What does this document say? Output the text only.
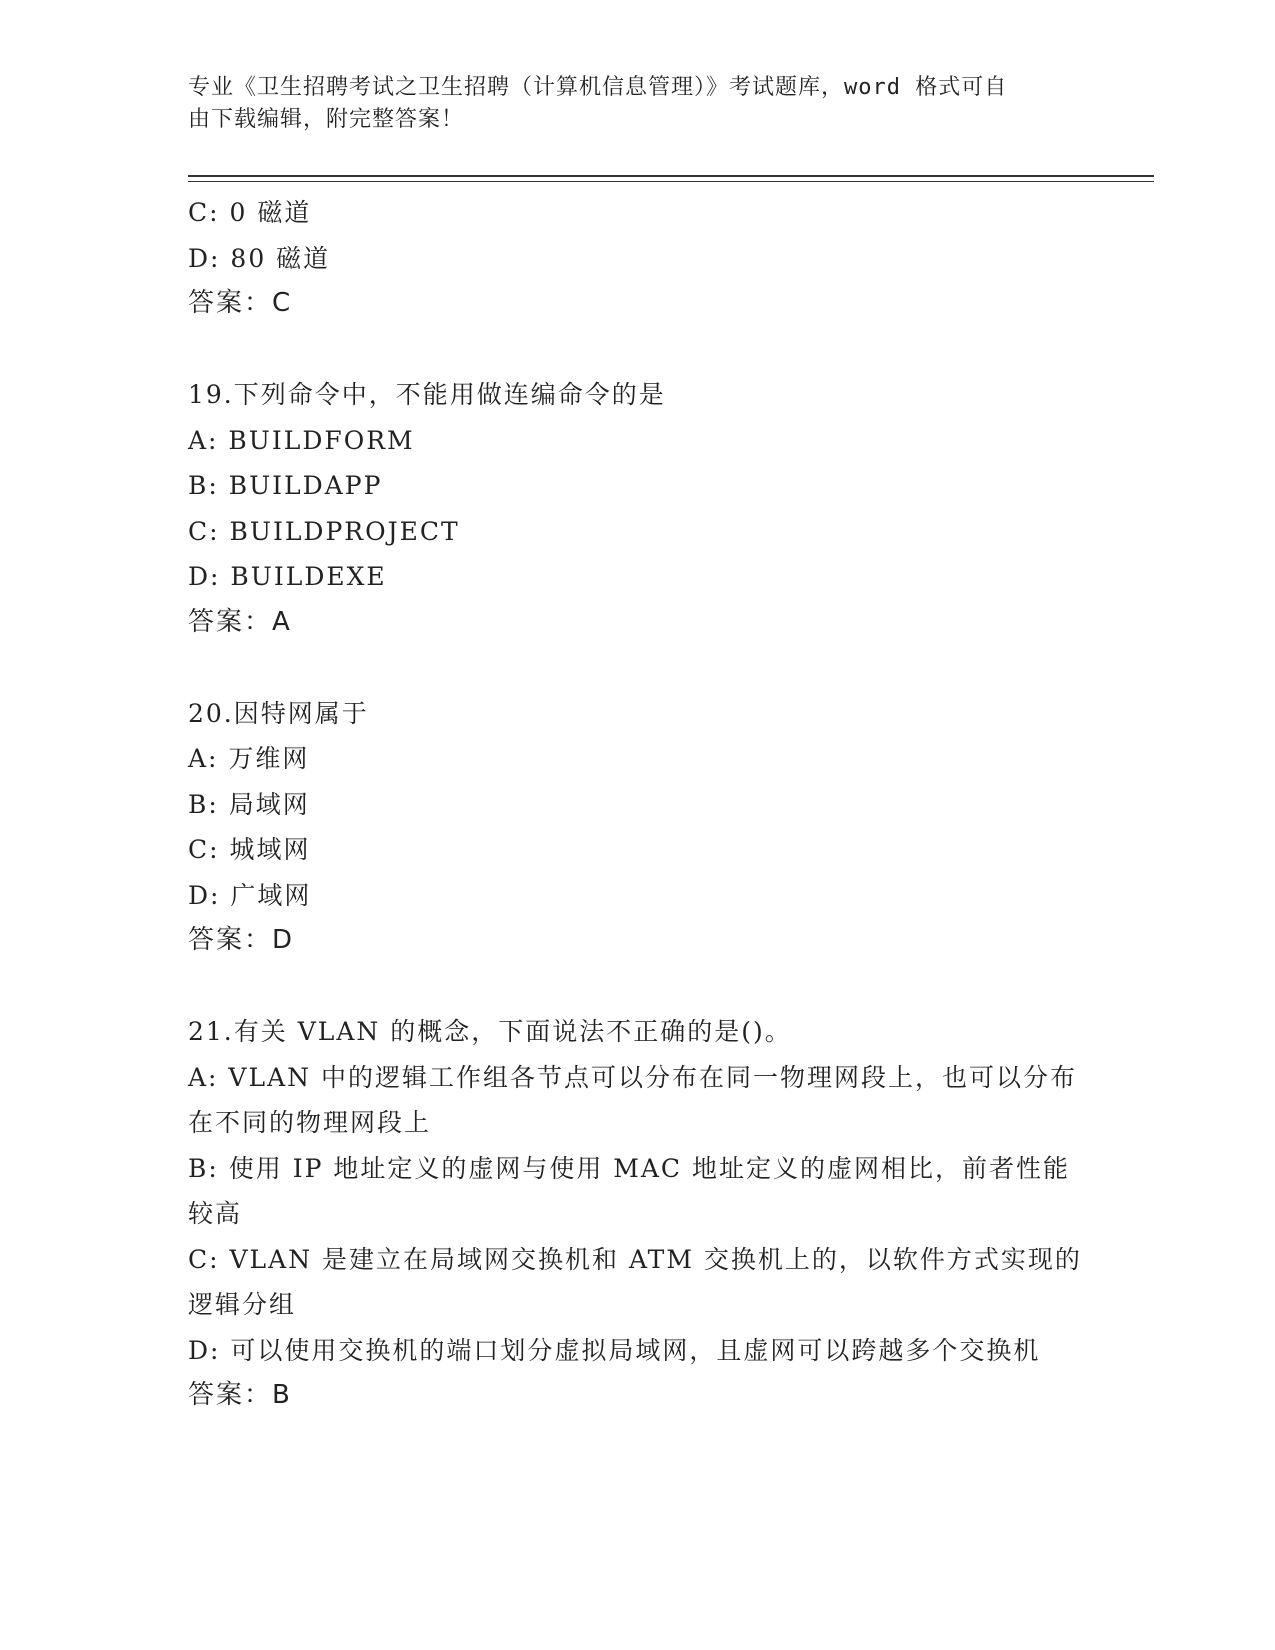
专业《卫生招聘考试之卫生招聘（计算机信息管理）》考试题库，word 格式可自
由下载编辑，附完整答案！
C: 0 磁道
D: 80 磁道
答案：C
19.下列命令中，不能用做连编命令的是
A: BUILDFORM
B: BUILDAPP
C: BUILDPROJECT
D: BUILDEXE
答案：A
20.因特网属于
A: 万维网
B: 局域网
C: 城域网
D: 广域网
答案：D
21.有关 VLAN 的概念，下面说法不正确的是()。
A: VLAN 中的逻辑工作组各节点可以分布在同一物理网段上，也可以分布在不同的物理网段上
B: 使用 IP 地址定义的虚网与使用 MAC 地址定义的虚网相比，前者性能较高
C: VLAN 是建立在局域网交换机和 ATM 交换机上的，以软件方式实现的逻辑分组
D: 可以使用交换机的端口划分虚拟局域网，且虚网可以跨越多个交换机
答案：B
